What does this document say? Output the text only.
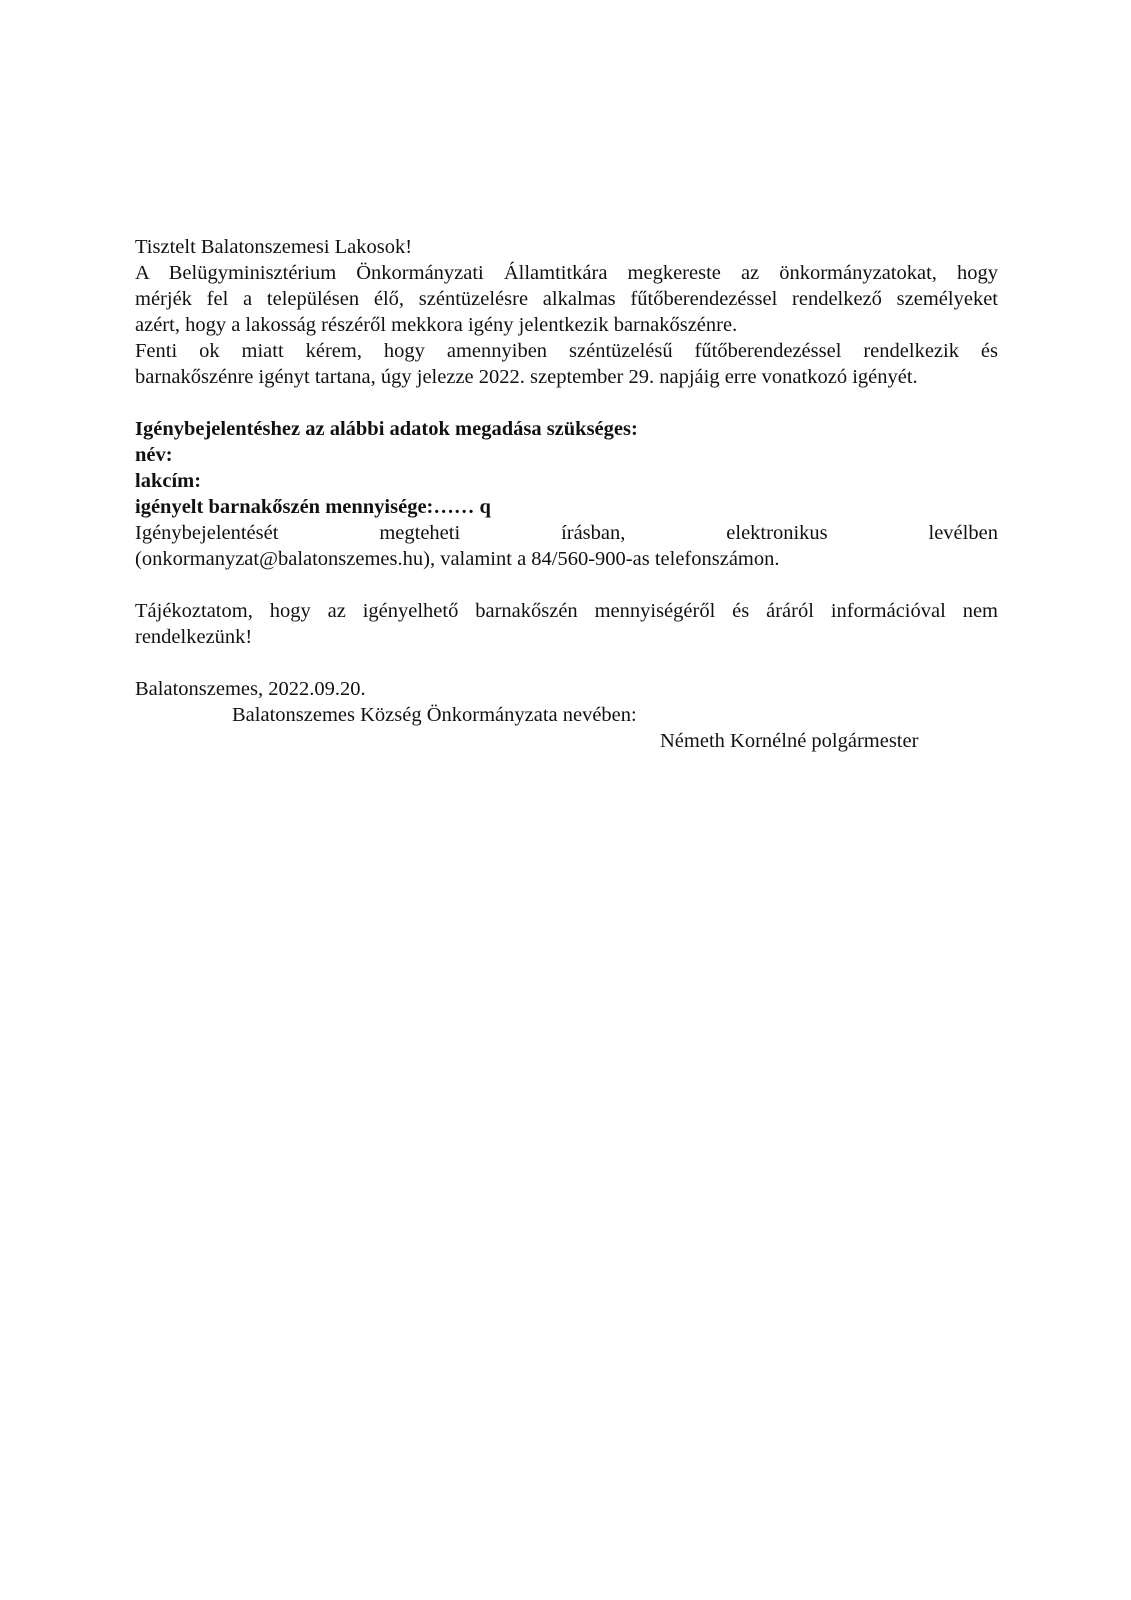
Tisztelt Balatonszemesi Lakosok!

A Belügyminisztérium Önkormányzati Államtitkára megkereste az önkormányzatokat, hogy

mérjék fel a településen élő, széntüzelésre alkalmas fűtőberendezéssel rendelkező személyeket

azért, hogy a lakosság részéről mekkora igény jelentkezik barnakőszénre.

Fenti ok miatt kérem, hogy amennyiben széntüzelésű fűtőberendezéssel rendelkezik és

barnakőszénre igényt tartana, úgy jelezze 2022. szeptember 29. napjáig erre vonatkozó igényét.

Igénybejelentéshez az alábbi adatok megadása szükséges:

név:

lakcím:

igényelt barnakőszén mennyisége:…… q

Igénybejelentését	megteheti	írásban,	elektronikus	levélben

(onkormanyzat@balatonszemes.hu), valamint a 84/560-900-as telefonszámon.

Tájékoztatom, hogy az igényelhető barnakőszén mennyiségéről és áráról információval nem

rendelkezünk!

Balatonszemes, 2022.09.20.

Balatonszemes Község Önkormányzata nevében:

Németh Kornélné polgármester
